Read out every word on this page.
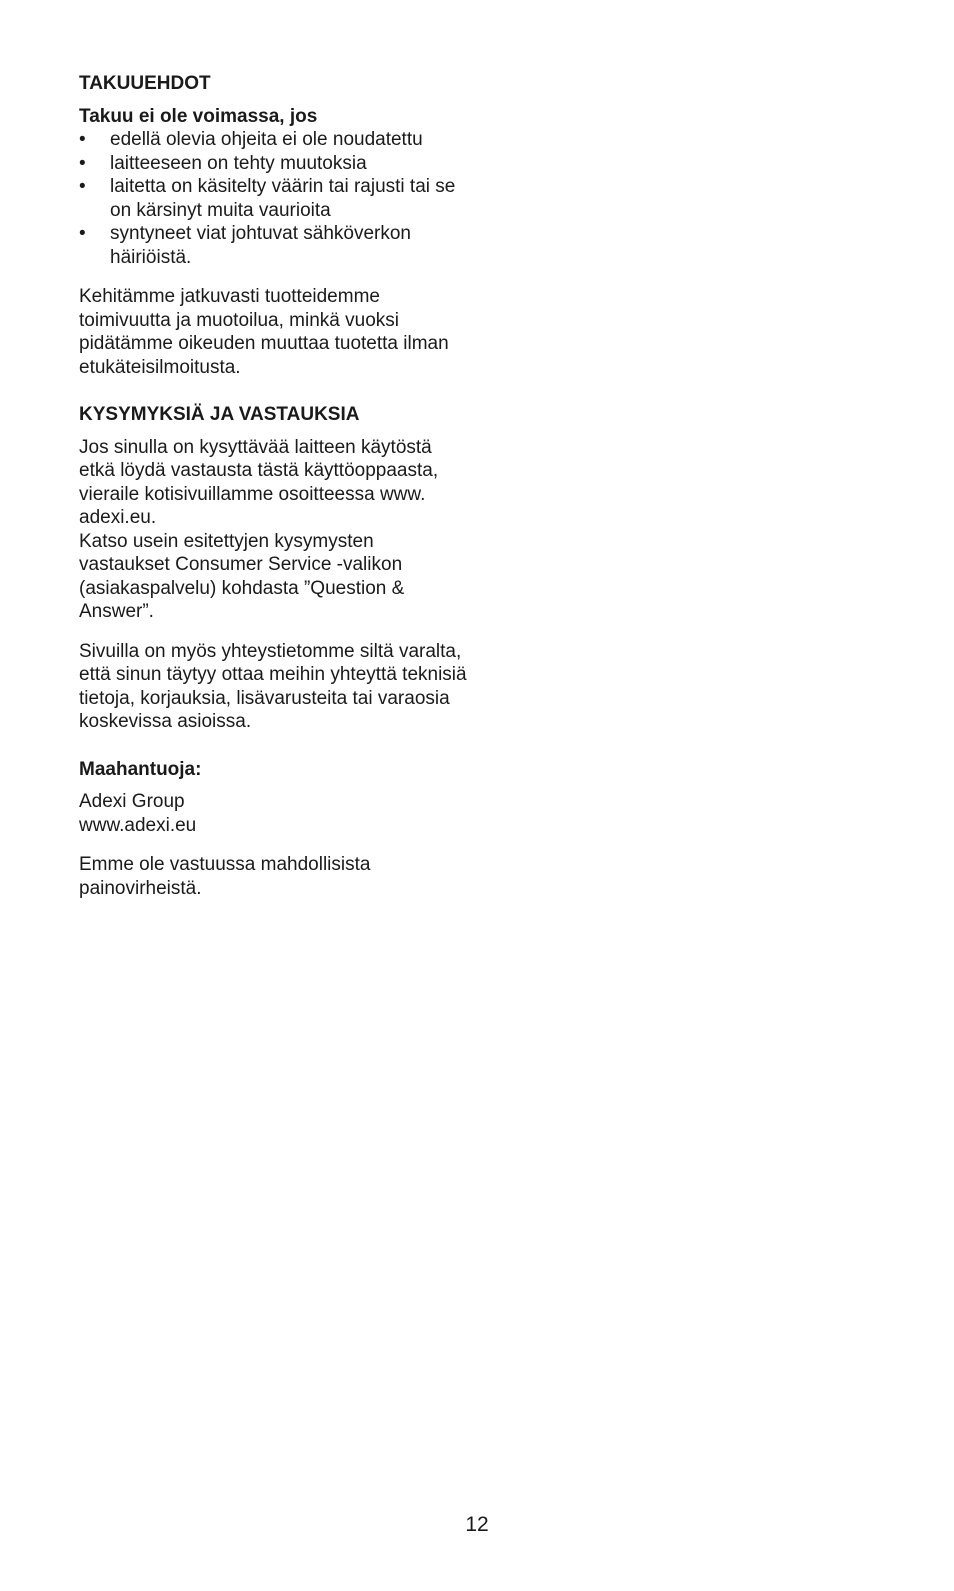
TAKUUEHDOT
Takuu ei ole voimassa, jos
• edellä olevia ohjeita ei ole noudatettu
• laitteeseen on tehty muutoksia
• laitetta on käsitelty väärin tai rajusti tai se on kärsinyt muita vaurioita
• syntyneet viat johtuvat sähköverkon häiriöistä.

Kehitämme jatkuvasti tuotteidemme toimivuutta ja muotoilua, minkä vuoksi pidätämme oikeuden muuttaa tuotetta ilman etukäteisilmoitusta.

KYSYMYKSIÄ JA VASTAUKSIA

Jos sinulla on kysyttävää laitteen käytöstä etkä löydä vastausta tästä käyttöoppaasta, vieraile kotisivuillamme osoitteessa www. adexi.eu.
Katso usein esitettyjen kysymysten vastaukset Consumer Service -valikon (asiakaspalvelu) kohdasta ”Question & Answer”.

Sivuilla on myös yhteystietomme siltä varalta, että sinun täytyy ottaa meihin yhteyttä teknisiä tietoja, korjauksia, lisävarusteita tai varaosia koskevissa asioissa.

Maahantuoja:

Adexi Group
www.adexi.eu

Emme ole vastuussa mahdollisista painovirheistä.

12
